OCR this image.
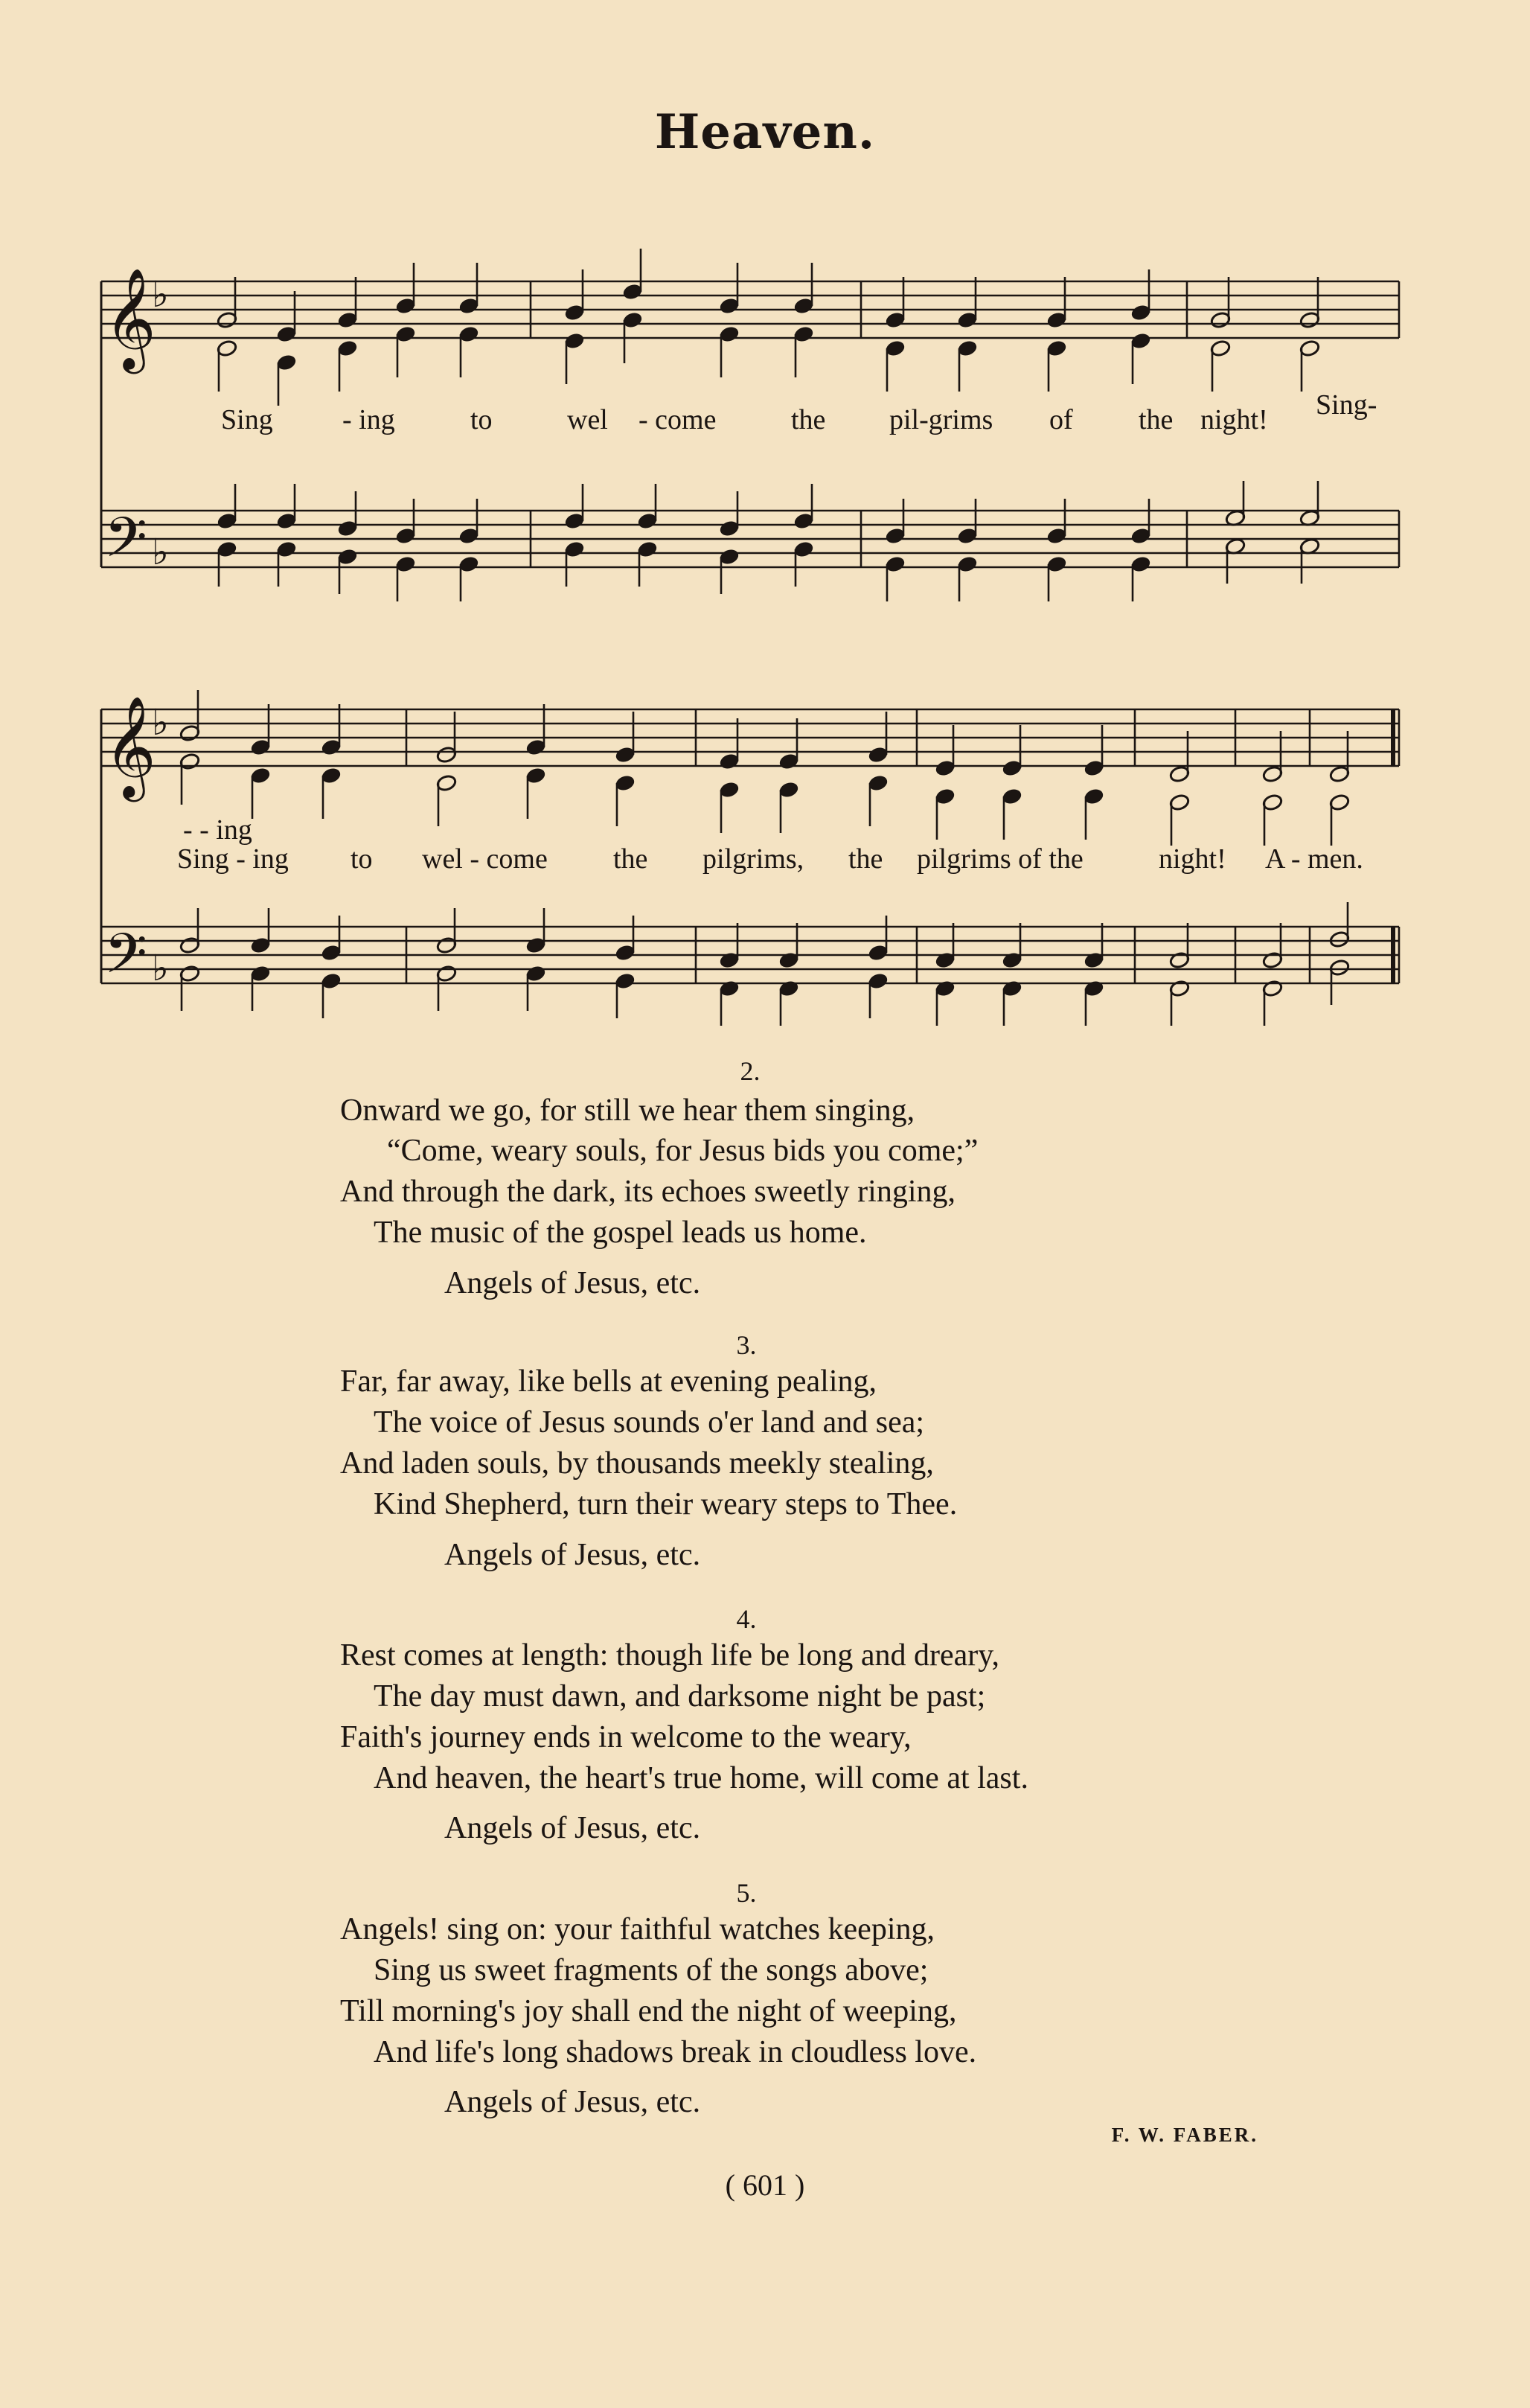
Heaven.
𝄞
♭
𝄢 ♭
𝄞
♭
𝄢 ♭
Sing - ing	to	wel - come	the pil-grims of the night! Sing-
- - ing
Sing - ing to wel - come the pilgrims, the pilgrims of the	night! A - men.
2.
Onward we go, for still we hear them singing,
“Come, weary souls, for Jesus bids you come;”
And through the dark, its echoes sweetly ringing,
The music of the gospel leads us home.
Angels of Jesus, etc.
3.
Far, far away, like bells at evening pealing,
The voice of Jesus sounds o'er land and sea;
And laden souls, by thousands meekly stealing,
Kind Shepherd, turn their weary steps to Thee.
Angels of Jesus, etc.
4.
Rest comes at length: though life be long and dreary,
The day must dawn, and darksome night be past;
Faith's journey ends in welcome to the weary,
And heaven, the heart's true home, will come at last.
Angels of Jesus, etc.
5.
Angels! sing on: your faithful watches keeping,
Sing us sweet fragments of the songs above;
Till morning's joy shall end the night of weeping,
And life's long shadows break in cloudless love.
Angels of Jesus, etc.
F. W. FABER.
( 601 )
